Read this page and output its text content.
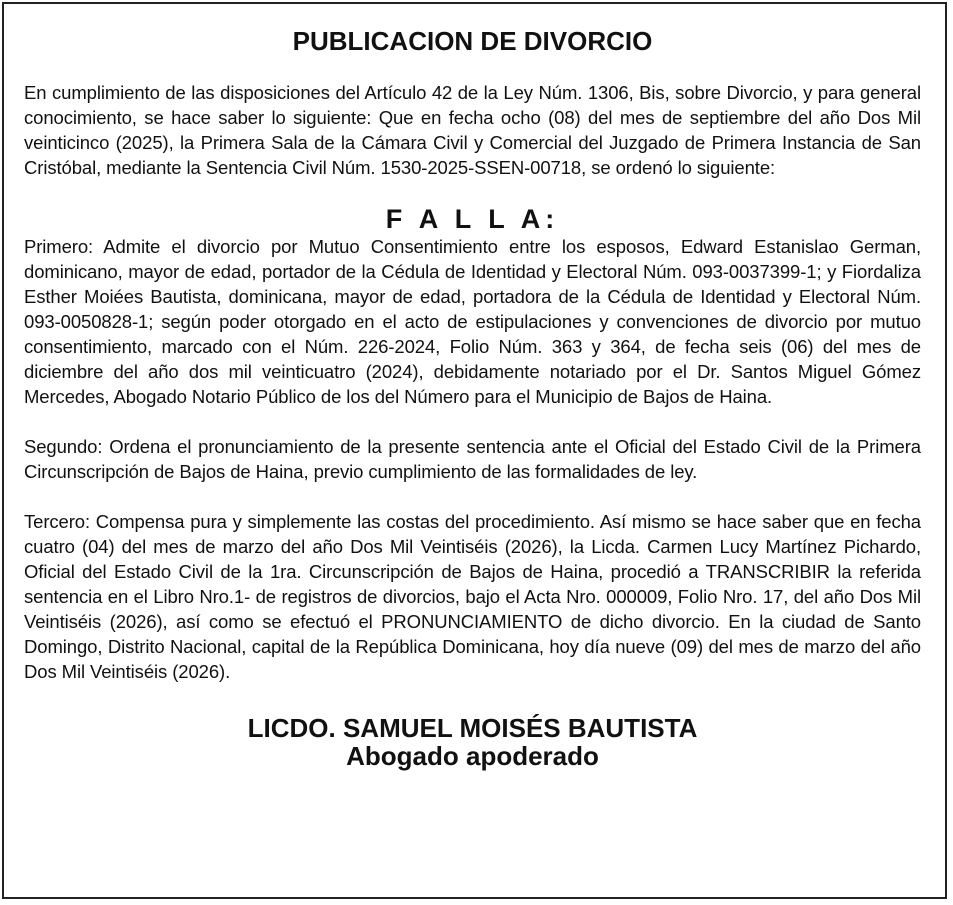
PUBLICACION DE DIVORCIO

En cumplimiento de las disposiciones del Artículo 42 de la Ley Núm. 1306, Bis, sobre Divorcio, y para general conocimiento, se hace saber lo siguiente: Que en fecha ocho (08) del mes de septiembre del año Dos Mil veinticinco (2025), la Primera Sala de la Cámara Civil y Comercial del Juzgado de Primera Instancia de San Cristóbal, mediante la Sentencia Civil Núm. 1530-2025-SSEN-00718, se ordenó lo siguiente:

F A L L A:

Primero: Admite el divorcio por Mutuo Consentimiento entre los esposos, Edward Estanislao German, dominicano, mayor de edad, portador de la Cédula de Identidad y Electoral Núm. 093-0037399-1; y Fiordaliza Esther Moiées Bautista, dominicana, mayor de edad, portadora de la Cédula de Identidad y Electoral Núm. 093-0050828-1; según poder otorgado en el acto de estipulaciones y convenciones de divorcio por mutuo consentimiento, marcado con el Núm. 226-2024, Folio Núm. 363 y 364, de fecha seis (06) del mes de diciembre del año dos mil veinticuatro (2024), debidamente notariado por el Dr. Santos Miguel Gómez Mercedes, Abogado Notario Público de los del Número para el Municipio de Bajos de Haina.

Segundo: Ordena el pronunciamiento de la presente sentencia ante el Oficial del Estado Civil de la Primera Circunscripción de Bajos de Haina, previo cumplimiento de las formalidades de ley.

Tercero: Compensa pura y simplemente las costas del procedimiento. Así mismo se hace saber que en fecha cuatro (04) del mes de marzo del año Dos Mil Veintiséis (2026), la Licda. Carmen Lucy Martínez Pichardo, Oficial del Estado Civil de la 1ra. Circunscripción de Bajos de Haina, procedió a TRANSCRIBIR la referida sentencia en el Libro Nro.1- de registros de divorcios, bajo el Acta Nro. 000009, Folio Nro. 17, del año Dos Mil Veintiséis (2026), así como se efectuó el PRONUNCIAMIENTO de dicho divorcio. En la ciudad de Santo Domingo, Distrito Nacional, capital de la República Dominicana, hoy día nueve (09) del mes de marzo del año Dos Mil Veintiséis (2026).

LICDO. SAMUEL MOISÉS BAUTISTA

Abogado apoderado
